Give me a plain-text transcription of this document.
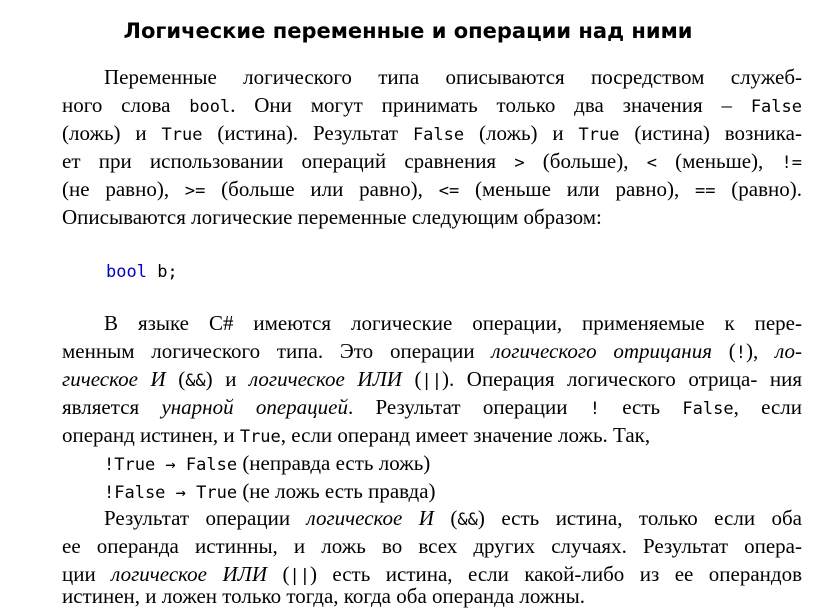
Логические переменные и операции над ними
Переменные логического типа описываются посредством служеб-
ного слова bool. Они могут принимать только два значения – False
(ложь) и True (истина). Результат False (ложь) и True (истина) возника-
ет при использовании операций сравнения > (больше), < (меньше), !=
(не равно), >= (больше или равно), <= (меньше или равно), == (равно).
Описываются логические переменные следующим образом:
bool b;
В языке C# имеются логические операции, применяемые к пере-
менным логического типа. Это операции логического отрицания (!), ло-
гическое И (&&) и логическое ИЛИ (||). Операция логического отрица- ния
является унарной операцией. Результат операции ! есть False, если
операнд истинен, и True, если операнд имеет значение ложь. Так,
!True → False (неправда есть ложь)
!False → True (не ложь есть правда)
Результат операции логическое И (&&) есть истина, только если оба
ее операнда истинны, и ложь во всех других случаях. Результат опера-
ции логическое ИЛИ (||) есть истина, если какой-либо из ее операндов
истинен, и ложен только тогда, когда оба операнда ложны.
